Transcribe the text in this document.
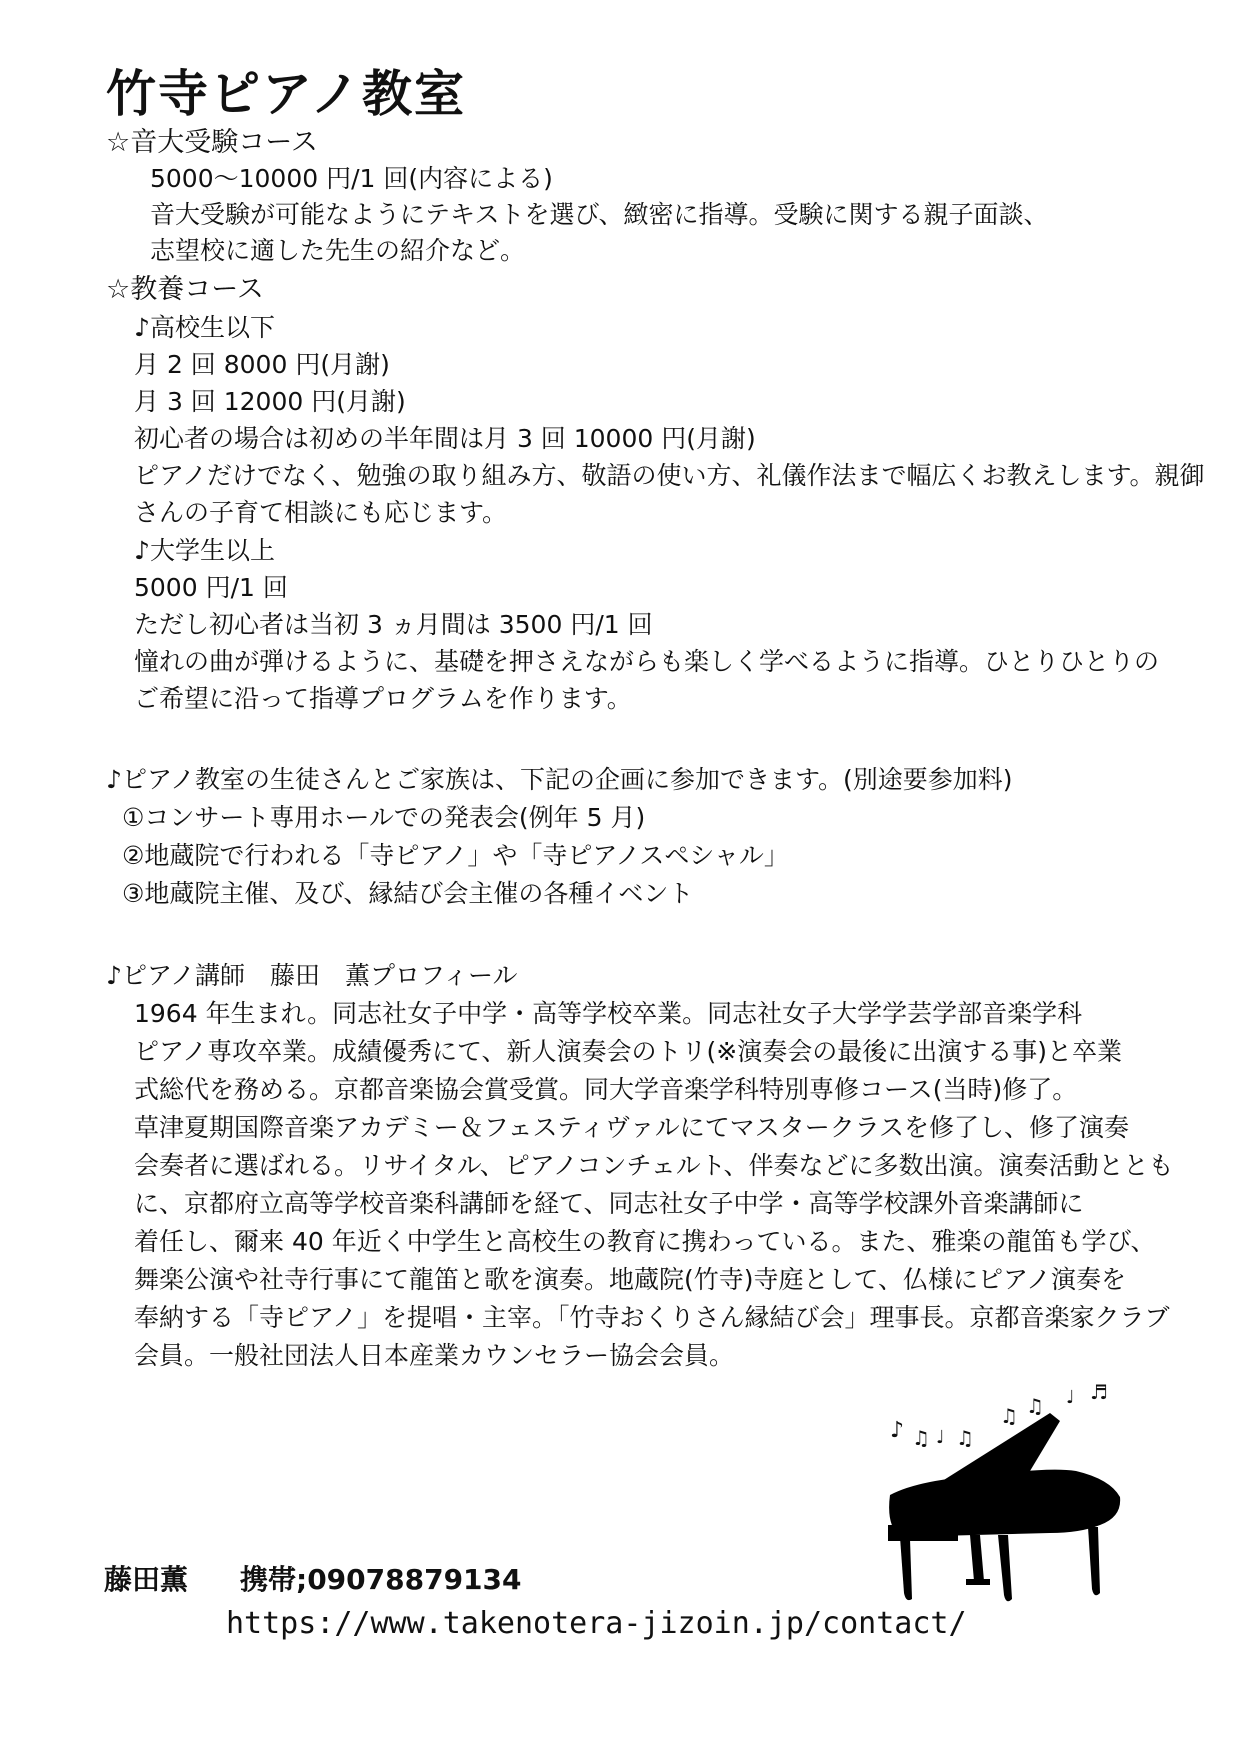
竹寺ピアノ教室
☆音大受験コース
5000～10000 円/1 回(内容による)
音大受験が可能なようにテキストを選び、緻密に指導。受験に関する親子面談、
志望校に適した先生の紹介など。
☆教養コース
♪高校生以下
月 2 回 8000 円(月謝)
月 3 回 12000 円(月謝)
初心者の場合は初めの半年間は月 3 回 10000 円(月謝)
ピアノだけでなく、勉強の取り組み方、敬語の使い方、礼儀作法まで幅広くお教えします。親御
さんの子育て相談にも応じます。
♪大学生以上
5000 円/1 回
ただし初心者は当初 3 ヵ月間は 3500 円/1 回
憧れの曲が弾けるように、基礎を押さえながらも楽しく学べるように指導。ひとりひとりの
ご希望に沿って指導プログラムを作ります。
♪ピアノ教室の生徒さんとご家族は、下記の企画に参加できます。(別途要参加料)
①コンサート専用ホールでの発表会(例年 5 月)
②地蔵院で行われる「寺ピアノ」や「寺ピアノスペシャル」
③地蔵院主催、及び、縁結び会主催の各種イベント
♪ピアノ講師　藤田　薫プロフィール
1964 年生まれ。同志社女子中学・高等学校卒業。同志社女子大学学芸学部音楽学科
ピアノ専攻卒業。成績優秀にて、新人演奏会のトリ(※演奏会の最後に出演する事)と卒業
式総代を務める。京都音楽協会賞受賞。同大学音楽学科特別専修コース(当時)修了。
草津夏期国際音楽アカデミー＆フェスティヴァルにてマスタークラスを修了し、修了演奏
会奏者に選ばれる。リサイタル、ピアノコンチェルト、伴奏などに多数出演。演奏活動ととも
に、京都府立高等学校音楽科講師を経て、同志社女子中学・高等学校課外音楽講師に
着任し、爾来 40 年近く中学生と高校生の教育に携わっている。また、雅楽の龍笛も学び、
舞楽公演や社寺行事にて龍笛と歌を演奏。地蔵院(竹寺)寺庭として、仏様にピアノ演奏を
奉納する「寺ピアノ」を提唱・主宰。「竹寺おくりさん縁結び会」理事長。京都音楽家クラブ
会員。一般社団法人日本産業カウンセラー協会会員。
♪ ♫ ♩ ♫
♫ ♫ ♩ ♬
藤田薫 携帯;09078879134
https://www.takenotera-jizoin.jp/contact/
